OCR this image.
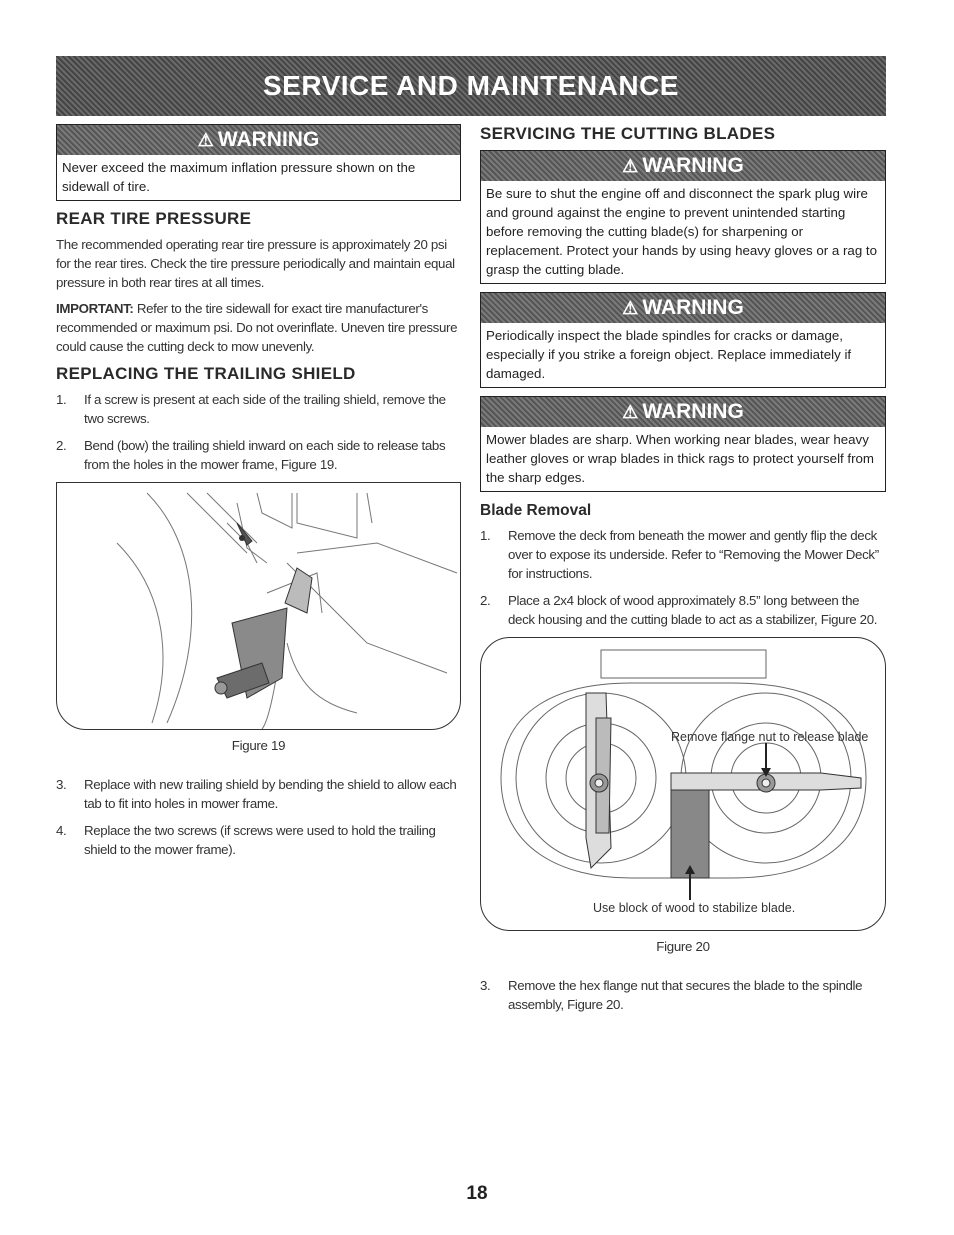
SERVICE AND MAINTENANCE
⚠ WARNING
Never exceed the maximum inflation pressure shown on the sidewall of tire.
REAR TIRE PRESSURE

The recommended operating rear tire pressure is approximately 20 psi for the rear tires. Check the tire pressure periodically and maintain equal pressure in both rear tires at all times.

IMPORTANT: Refer to the tire sidewall for exact tire manufacturer's recommended or maximum psi. Do not overinflate. Uneven tire pressure could cause the cutting deck to mow unevenly.

REPLACING THE TRAILING SHIELD
1.	If a screw is present at each side of the trailing shield, remove the two screws.
2.	Bend (bow) the trailing shield inward on each side to release tabs from the holes in the mower frame, Figure 19.
Figure 19
3.	Replace with new trailing shield by bending the shield to allow each tab to fit into holes in mower frame.
4.	Replace the two screws (if screws were used to hold the trailing shield to the mower frame).
SERVICING THE CUTTING BLADES
⚠ WARNING
Be sure to shut the engine off and disconnect the spark plug wire and ground against the engine to prevent unintended starting before removing the cutting blade(s) for sharpening or replacement. Protect your hands by using heavy gloves or a rag to grasp the cutting blade.
⚠ WARNING
Periodically inspect the blade spindles for cracks or damage, especially if you strike a foreign object. Replace immediately if damaged.
⚠ WARNING
Mower blades are sharp. When working near blades, wear heavy leather gloves or wrap blades in thick rags to protect yourself from the sharp edges.
Blade Removal
1.	Remove the deck from beneath the mower and gently flip the deck over to expose its underside. Refer to “Removing the Mower Deck” for instructions.
2.	Place a 2x4 block of wood approximately 8.5” long between the deck housing and the cutting blade to act as a stabilizer, Figure 20.
Remove flange nut to release blade
Use block of wood to stabilize blade.
Figure 20
3.	Remove the hex flange nut that secures the blade to the spindle assembly, Figure 20.
18
